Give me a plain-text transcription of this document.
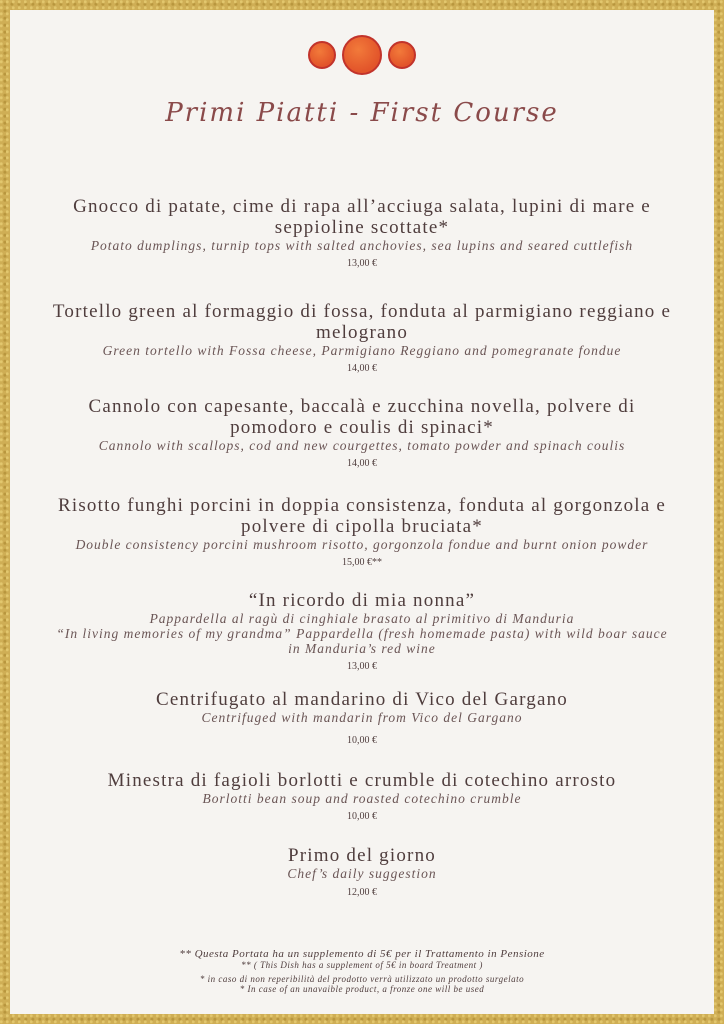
Primi Piatti - First Course
Gnocco di patate, cime di rapa all’acciuga salata, lupini di mare e seppioline scottate*
Potato dumplings, turnip tops with salted anchovies, sea lupins and seared cuttlefish
13,00 €
Tortello green al formaggio di fossa, fonduta al parmigiano reggiano e melograno
Green tortello with Fossa cheese, Parmigiano Reggiano and pomegranate fondue
14,00 €
Cannolo con capesante, baccalà e zucchina novella, polvere di pomodoro e coulis di spinaci*
Cannolo with scallops, cod and new courgettes, tomato powder and spinach coulis
14,00 €
Risotto funghi porcini in doppia consistenza, fonduta al gorgonzola e polvere di cipolla bruciata*
Double consistency porcini mushroom risotto, gorgonzola fondue and burnt onion powder
15,00 €**
“In ricordo di mia nonna”
Pappardella al ragù di cinghiale brasato al primitivo di Manduria
“In living memories of my grandma” Pappardella (fresh homemade pasta) with wild boar sauce in Manduria’s red wine
13,00 €
Centrifugato al mandarino di Vico del Gargano
Centrifuged with mandarin from Vico del Gargano
10,00 €
Minestra di fagioli borlotti e crumble di cotechino arrosto
Borlotti bean soup and roasted cotechino crumble
10,00 €
Primo del giorno
Chef’s daily suggestion
12,00 €
** Questa Portata ha un supplemento di 5€ per il Trattamento in Pensione
** ( This Dish has a supplement of 5€ in board Treatment )
* in caso di non reperibilità del prodotto verrà utilizzato un prodotto surgelato
* In case of an unavaible product, a fronze one will be used
